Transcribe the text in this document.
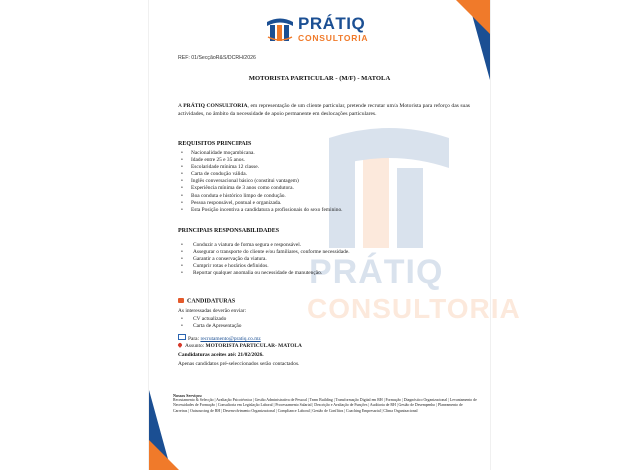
PRÁTIQ
CONSULTORIA
PRÁTIQ
CONSULTORIA
REF: 01/SecçãoR&S/DCRH/2026
MOTORISTA PARTICULAR - (M/F) - MATOLA
A PRÁTIQ CONSULTORIA, em representação de um cliente particular, pretende recrutar um/a Motorista para reforço das suas actividades, no âmbito da necessidade de apoio permanente em deslocações particulares.
REQUISITOS PRINCIPAIS
• Nacionalidade moçambicana.
• Idade entre 25 e 35 anos.
• Escolaridade mínima 12 classe.
• Carta de condução válida.
• Inglês conversacional básico (constitui vantagem)
• Experiência mínima de 3 anos como condutora.
• Boa conduta e histórico limpo de condução.
• Pessoa responsável, pontual e organizada.
• Esta Posição incentiva a candidatura a profissionais do sexo feminino.
PRINCIPAIS RESPONSABILIDADES
• Conduzir a viatura de forma segura e responsável.
• Assegurar o transporte do cliente e/ou familiares, conforme necessidade.
• Garantir a conservação da viatura.
• Cumprir rotas e horários definidos.
• Reportar qualquer anomalia ou necessidade de manutenção.
CANDIDATURAS
As interessadas deverão enviar:
• CV actualizado
• Carta de Apresentação
Para: recrutamento@pratiq.co.mz
Assunto: MOTORISTA PARTICULAR- MATOLA
Candidaturas aceites até: 21/02/2026.
Apenas candidatos pré-seleccionados serão contactados.
Nossos Serviços:
Recrutamento & Selecção | Avaliação Psicotécnica | Gestão Administrativa de Pessoal | Team Building | Transformação Digital em RH | Formação | Diagnóstico Organizacional | Levantamento de Necessidades de Formação | Consultoria em Legislação Laboral | Processamento Salarial | Descrição e Avaliação de Funções | Auditoria de RH | Gestão de Desempenho | Planeamento de Carreiras | Outsourcing de RH | Desenvolvimento Organizacional | Compliance Laboral | Gestão de Conflitos | Coaching Empresarial | Clima Organizacional
